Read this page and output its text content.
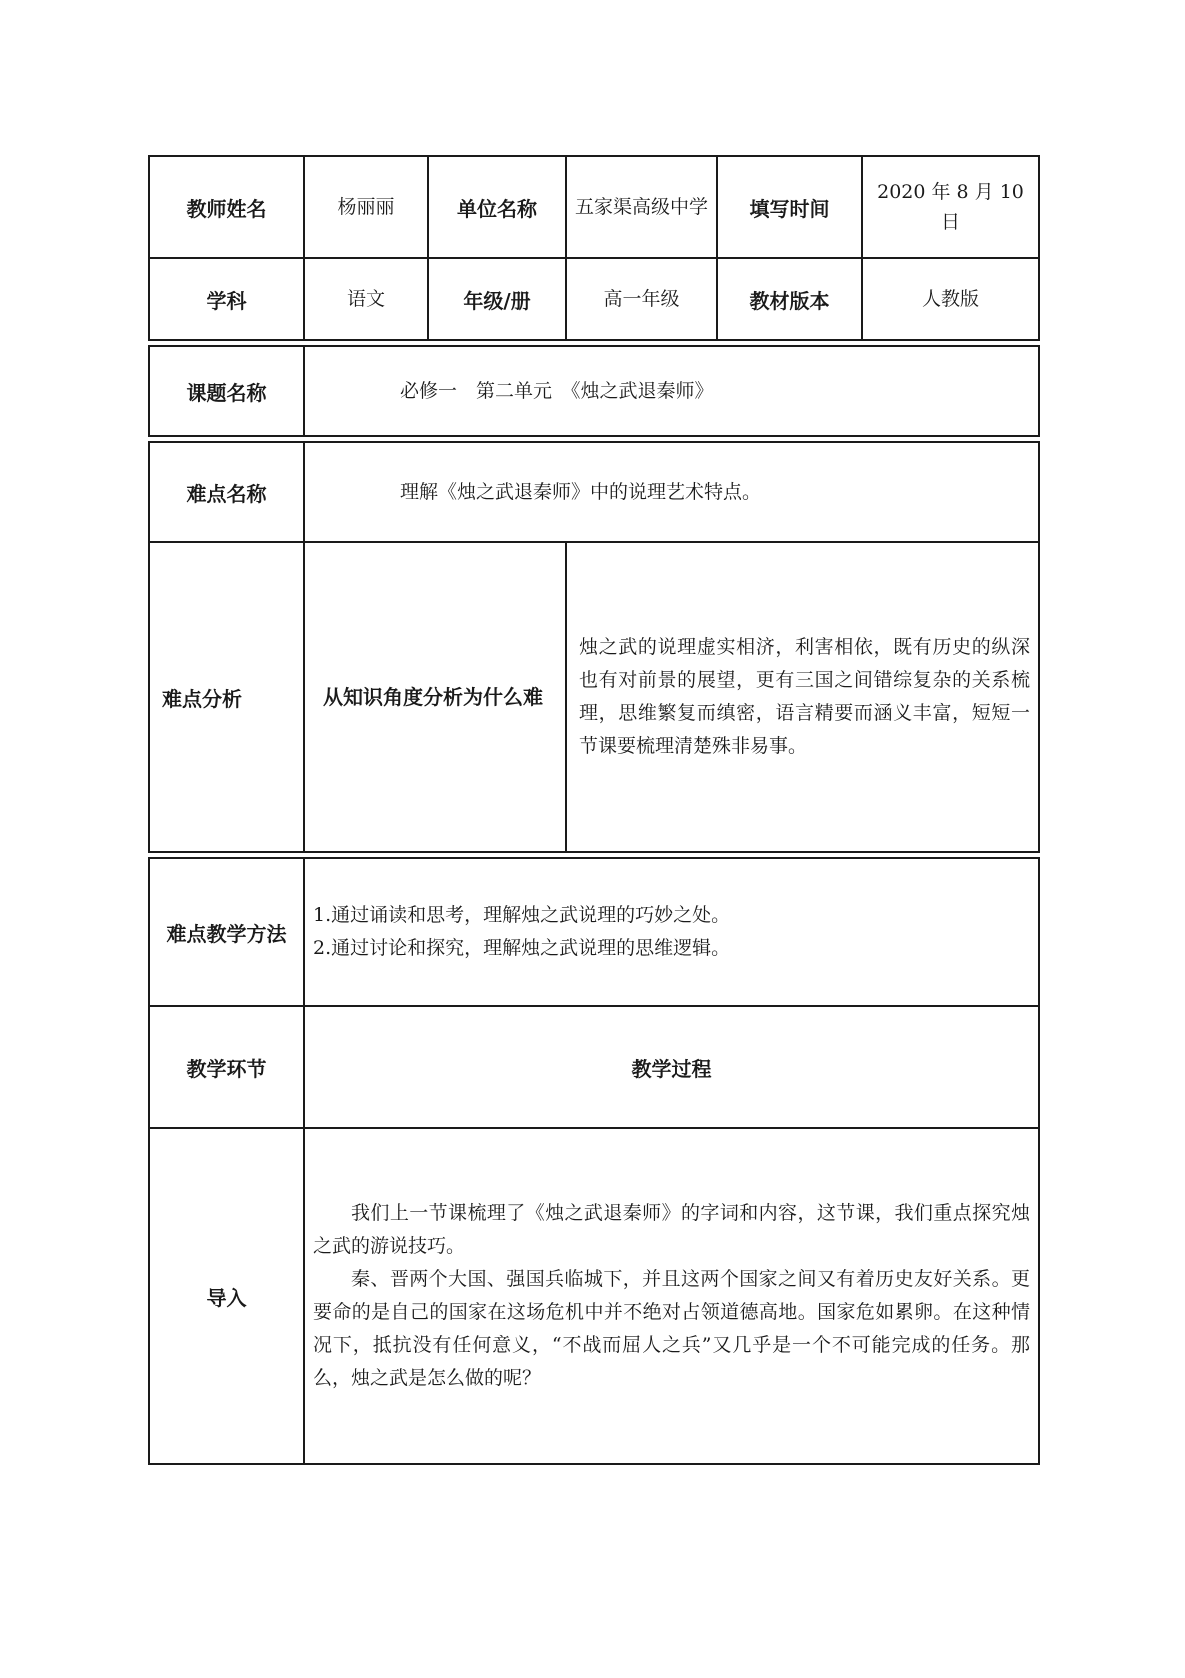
教师姓名	杨丽丽	单位名称	五家渠高级中学	填写时间	2020 年 8 月 10 日
学科	语文	年级/册	高一年级	教材版本	人教版

课题名称	必修一　第二单元　《烛之武退秦师》				

难点名称	理解《烛之武退秦师》中的说理艺术特点。				
难点分析	从知识角度分析为什么难		烛之武的说理虚实相济，利害相依，既有历史的纵深也有对前景的展望，更有三国之间错综复杂的关系梳理，思维繁复而缜密，语言精要而涵义丰富，短短一节课要梳理清楚殊非易事。		

难点教学方法	1.通过诵读和思考，理解烛之武说理的巧妙之处。
2.通过讨论和探究，理解烛之武说理的思维逻辑。				

教学环节	教学过程				
导入	我们上一节课梳理了《烛之武退秦师》的字词和内容，这节课，我们重点探究烛之武的游说技巧。
秦、晋两个大国、强国兵临城下，并且这两个国家之间又有着历史友好关系。更要命的是自己的国家在这场危机中并不绝对占领道德高地。国家危如累卵。在这种情况下，抵抗没有任何意义，“不战而屈人之兵”又几乎是一个不可能完成的任务。那么，烛之武是怎么做的呢？				
